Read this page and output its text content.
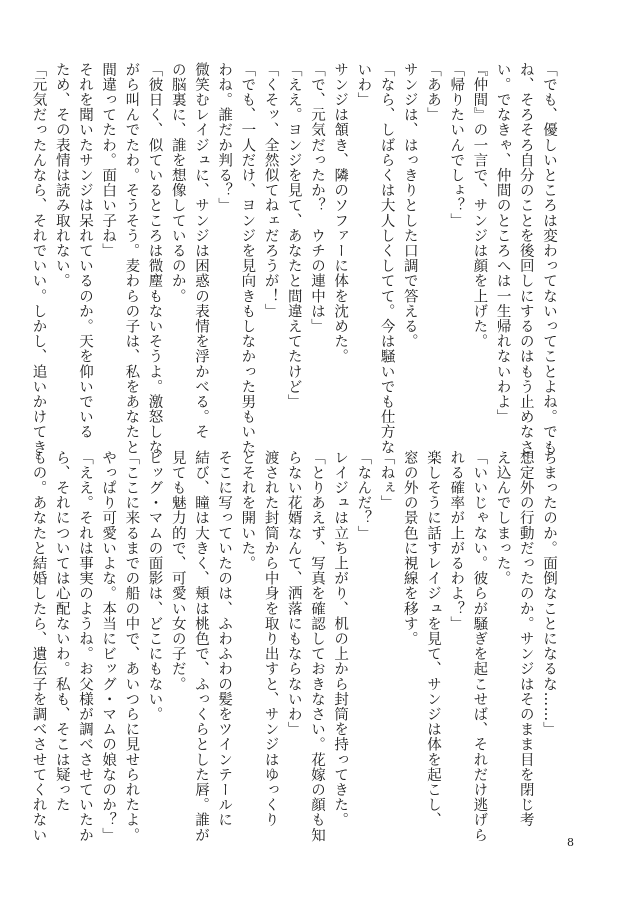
「でも、優しいところは変わってないってことよね。でも
ね、そろそろ自分のことを後回しにするのはもう止めなさ
い。でなきゃ、仲間のところへは一生帰れないわよ」
『仲間』の一言で、サンジは顔を上げた。
「帰りたいんでしょ？」
「ああ」
サンジは、はっきりとした口調で答える。
「なら、しばらくは大人しくしてて。今は騒いでも仕方な
いわ」
サンジは頷き、隣のソファーに体を沈めた。
「で、元気だったか？　ウチの連中は」
「ええ。ヨンジを見て、あなたと間違えてたけど」
「くそッ、全然似てねェだろうが！」
「でも、一人だけ、ヨンジを見向きもしなかった男もいた
わね。誰だか判る？」
微笑むレイジュに、サンジは困惑の表情を浮かべる。そ
の脳裏に、誰を想像しているのか。
「彼日く、似ているところは微塵もないそうよ。激怒しな
がら叫んでたわ。そうそう。麦わらの子は、私をあなたと
間違ってたわ。面白い子ね」
それを聞いたサンジは呆れているのか。天を仰いでいる
ため、その表情は読み取れない。
「元気だったんなら、それでいい。しかし、追いかけてき
ちまったのか。面倒なことになるな……」
想定外の行動だったのか。サンジはそのまま目を閉じ考
え込んでしまった。
「いいじゃない。彼らが騒ぎを起こせば、それだけ逃げら
れる確率が上がるわよ？」
楽しそうに話すレイジュを見て、サンジは体を起こし、
窓の外の景色に視線を移す。
「ねぇ」
「なんだ？」
レイジュは立ち上がり、机の上から封筒を持ってきた。
「とりあえず、写真を確認しておきなさい。花嫁の顔も知
らない花婿なんて、洒落にもならないわ」
渡された封筒から中身を取り出すと、サンジはゆっくり
とそれを開いた。
そこに写っていたのは、ふわふわの髪をツインテールに
結び、瞳は大きく、頬は桃色で、ふっくらとした唇。誰が
見ても魅力的で、可愛い女の子だ。
ビッグ・マムの面影は、どこにもない。
「ここに来るまでの船の中で、あいつらに見せられたよ。
やっぱり可愛いよな。本当にビッグ・マムの娘なのか？」
「ええ。それは事実のようね。お父様が調べさせていたか
ら、それについては心配ないわ。私も、そこは疑った
もの。あなたと結婚したら、遺伝子を調べさせてくれない	8
